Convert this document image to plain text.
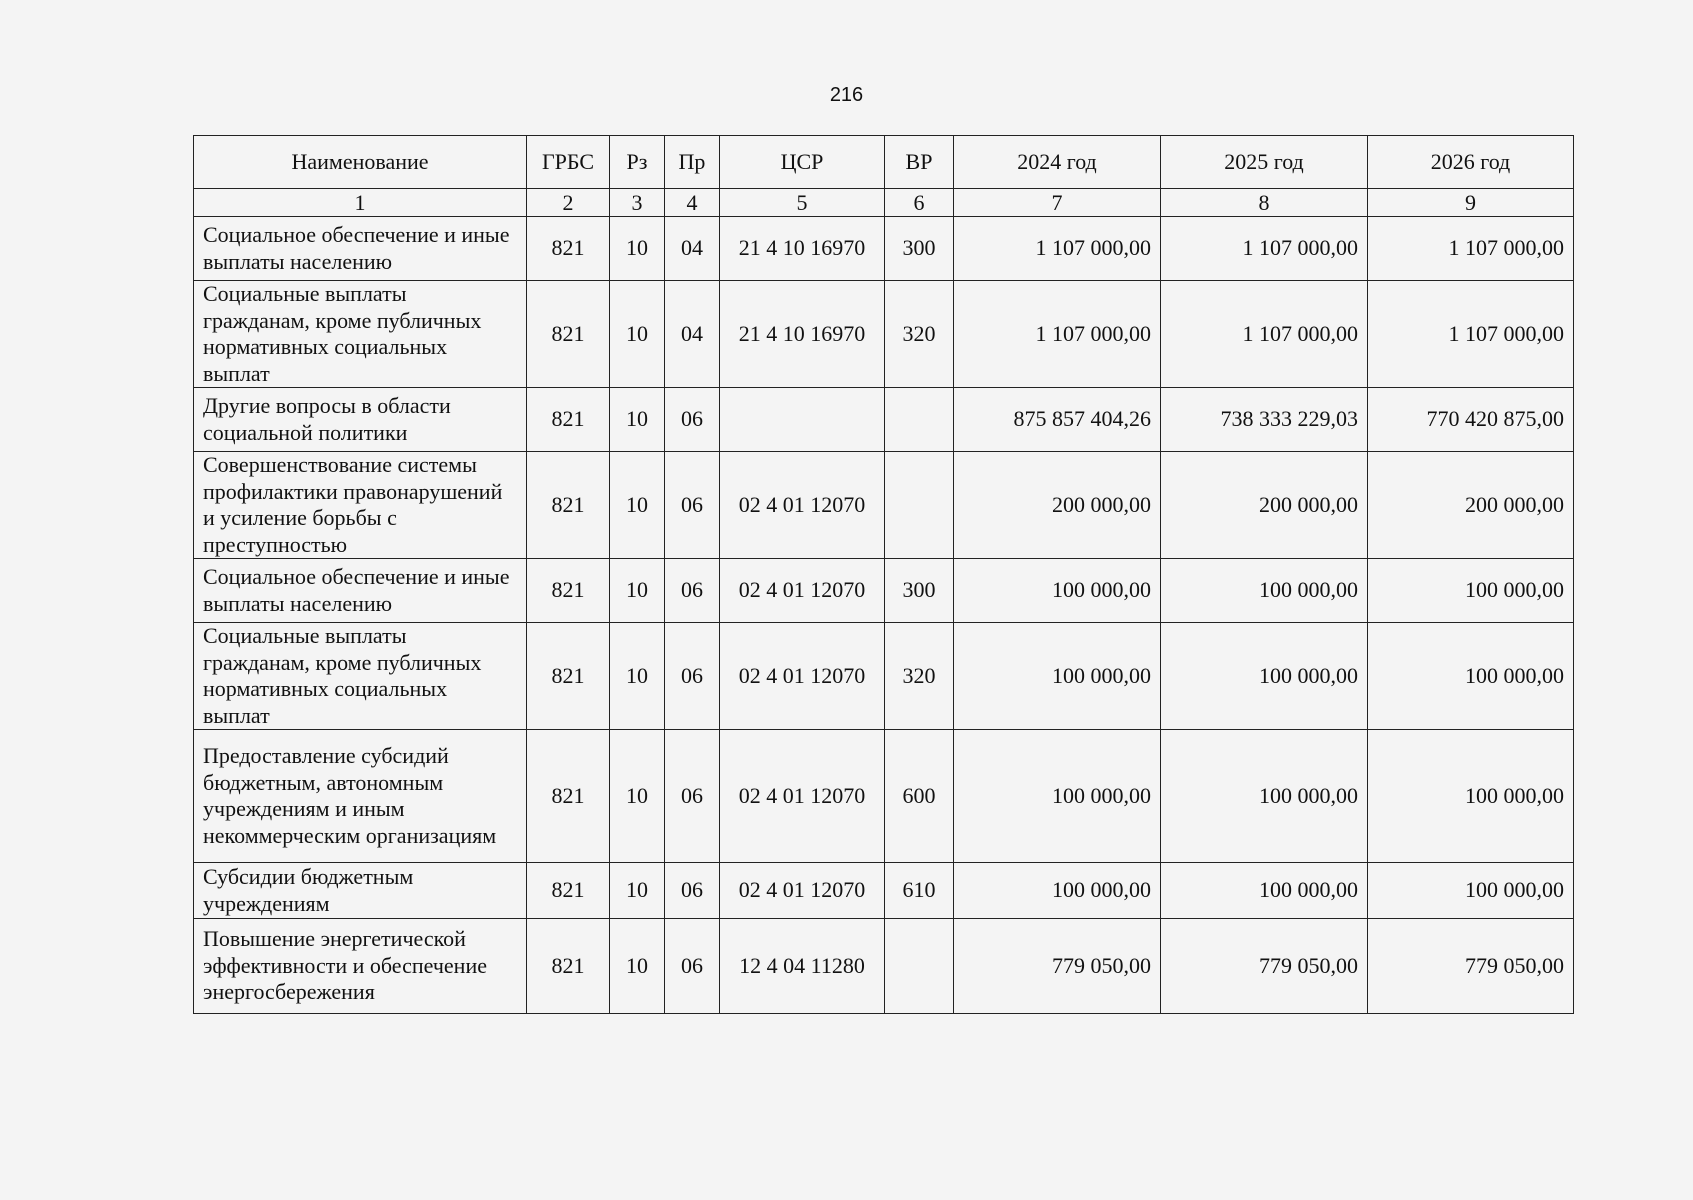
216
Наименование	ГРБС	Рз	Пр	ЦСР	ВР	2024 год	2025 год	2026 год
1	2	3	4	5	6	7	8	9
Социальное обеспечение и иные выплаты населению	821	10	04	21 4 10 16970	300	1 107 000,00	1 107 000,00	1 107 000,00
Социальные выплаты гражданам, кроме публичных нормативных социальных выплат	821	10	04	21 4 10 16970	320	1 107 000,00	1 107 000,00	1 107 000,00
Другие вопросы в области социальной политики	821	10	06			875 857 404,26	738 333 229,03	770 420 875,00
Совершенствование системы профилактики правонарушений и усиление борьбы с преступностью	821	10	06	02 4 01 12070		200 000,00	200 000,00	200 000,00
Социальное обеспечение и иные выплаты населению	821	10	06	02 4 01 12070	300	100 000,00	100 000,00	100 000,00
Социальные выплаты гражданам, кроме публичных нормативных социальных выплат	821	10	06	02 4 01 12070	320	100 000,00	100 000,00	100 000,00
Предоставление субсидий бюджетным, автономным учреждениям и иным некоммерческим организациям	821	10	06	02 4 01 12070	600	100 000,00	100 000,00	100 000,00
Субсидии бюджетным учреждениям	821	10	06	02 4 01 12070	610	100 000,00	100 000,00	100 000,00
Повышение энергетической эффективности и обеспечение энергосбережения	821	10	06	12 4 04 11280		779 050,00	779 050,00	779 050,00
